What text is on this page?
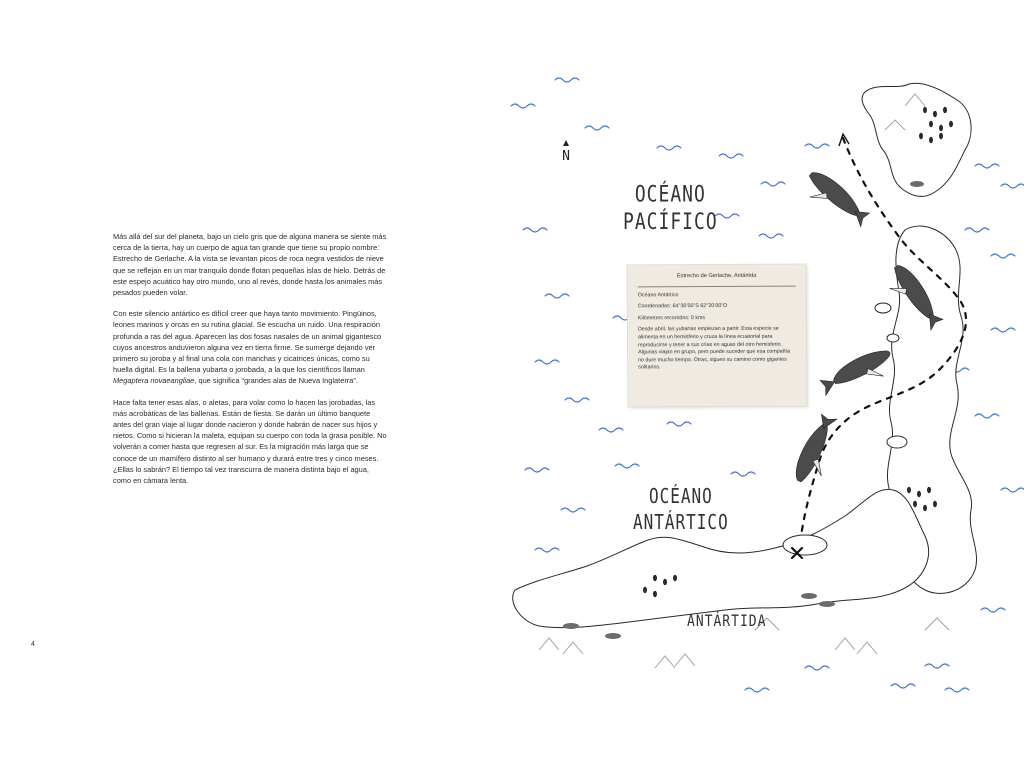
Más allá del sur del planeta, bajo un cielo gris que de alguna manera se siente más cerca de la tierra, hay un cuerpo de agua tan grande que tiene su propio nombre: Estrecho de Gerlache. A la vista se levantan picos de roca negra vestidos de nieve que se reflejan en un mar tranquilo donde flotan pequeñas islas de hielo. Detrás de este espejo acuático hay otro mundo, uno al revés, donde hasta los animales más pesados pueden volar.

Con este silencio antártico es difícil creer que haya tanto movimiento. Pingüinos, leones marinos y orcas en su rutina glacial. Se escucha un ruido. Una respiración profunda a ras del agua. Aparecen las dos fosas nasales de un animal gigantesco cuyos ancestros anduvieron alguna vez en tierra firme. Se sumerge dejando ver primero su joroba y al final una cola con manchas y cicatrices únicas, como su huella digital. Es la ballena yubarta o jorobada, a la que los científicos llaman Megaptera novaeangliae, que significa “grandes alas de Nueva Inglaterra”.

Hace falta tener esas alas, o aletas, para volar como lo hacen las jorobadas, las más acrobáticas de las ballenas. Están de fiesta. Se darán un último banquete antes del gran viaje al lugar donde nacieron y donde habrán de nacer sus hijos y nietos. Como si hicieran la maleta, equipan su cuerpo con toda la grasa posible. No volverán a comer hasta que regresen al sur. Es la migración más larga que se conoce de un mamífero distinto al ser humano y durará entre tres y cinco meses. ¿Ellas lo sabrán? El tiempo tal vez transcurra de manera distinta bajo el agua, como en cámara lenta.

4
N
OCÉANO
PACÍFICO
OCÉANO
ANTÁRTICO
ANTÁRTIDA
Estrecho de Gerlache, Antártida
Océano Antártico
Coordenadas: 64°30’00”S 62°20’00”O
Kilómetros recorridos: 0 kms
Desde abril, las yubartas empiezan a partir. Esta especie se alimenta en un hemisferio y cruza la línea ecuatorial para reproducirse y tener a sus crías en aguas del otro hemisferio. Algunas viajan en grupo, pero puede suceder que esa compañía no dure mucho tiempo. Otras, siguen su camino como gigantes solitarios.
